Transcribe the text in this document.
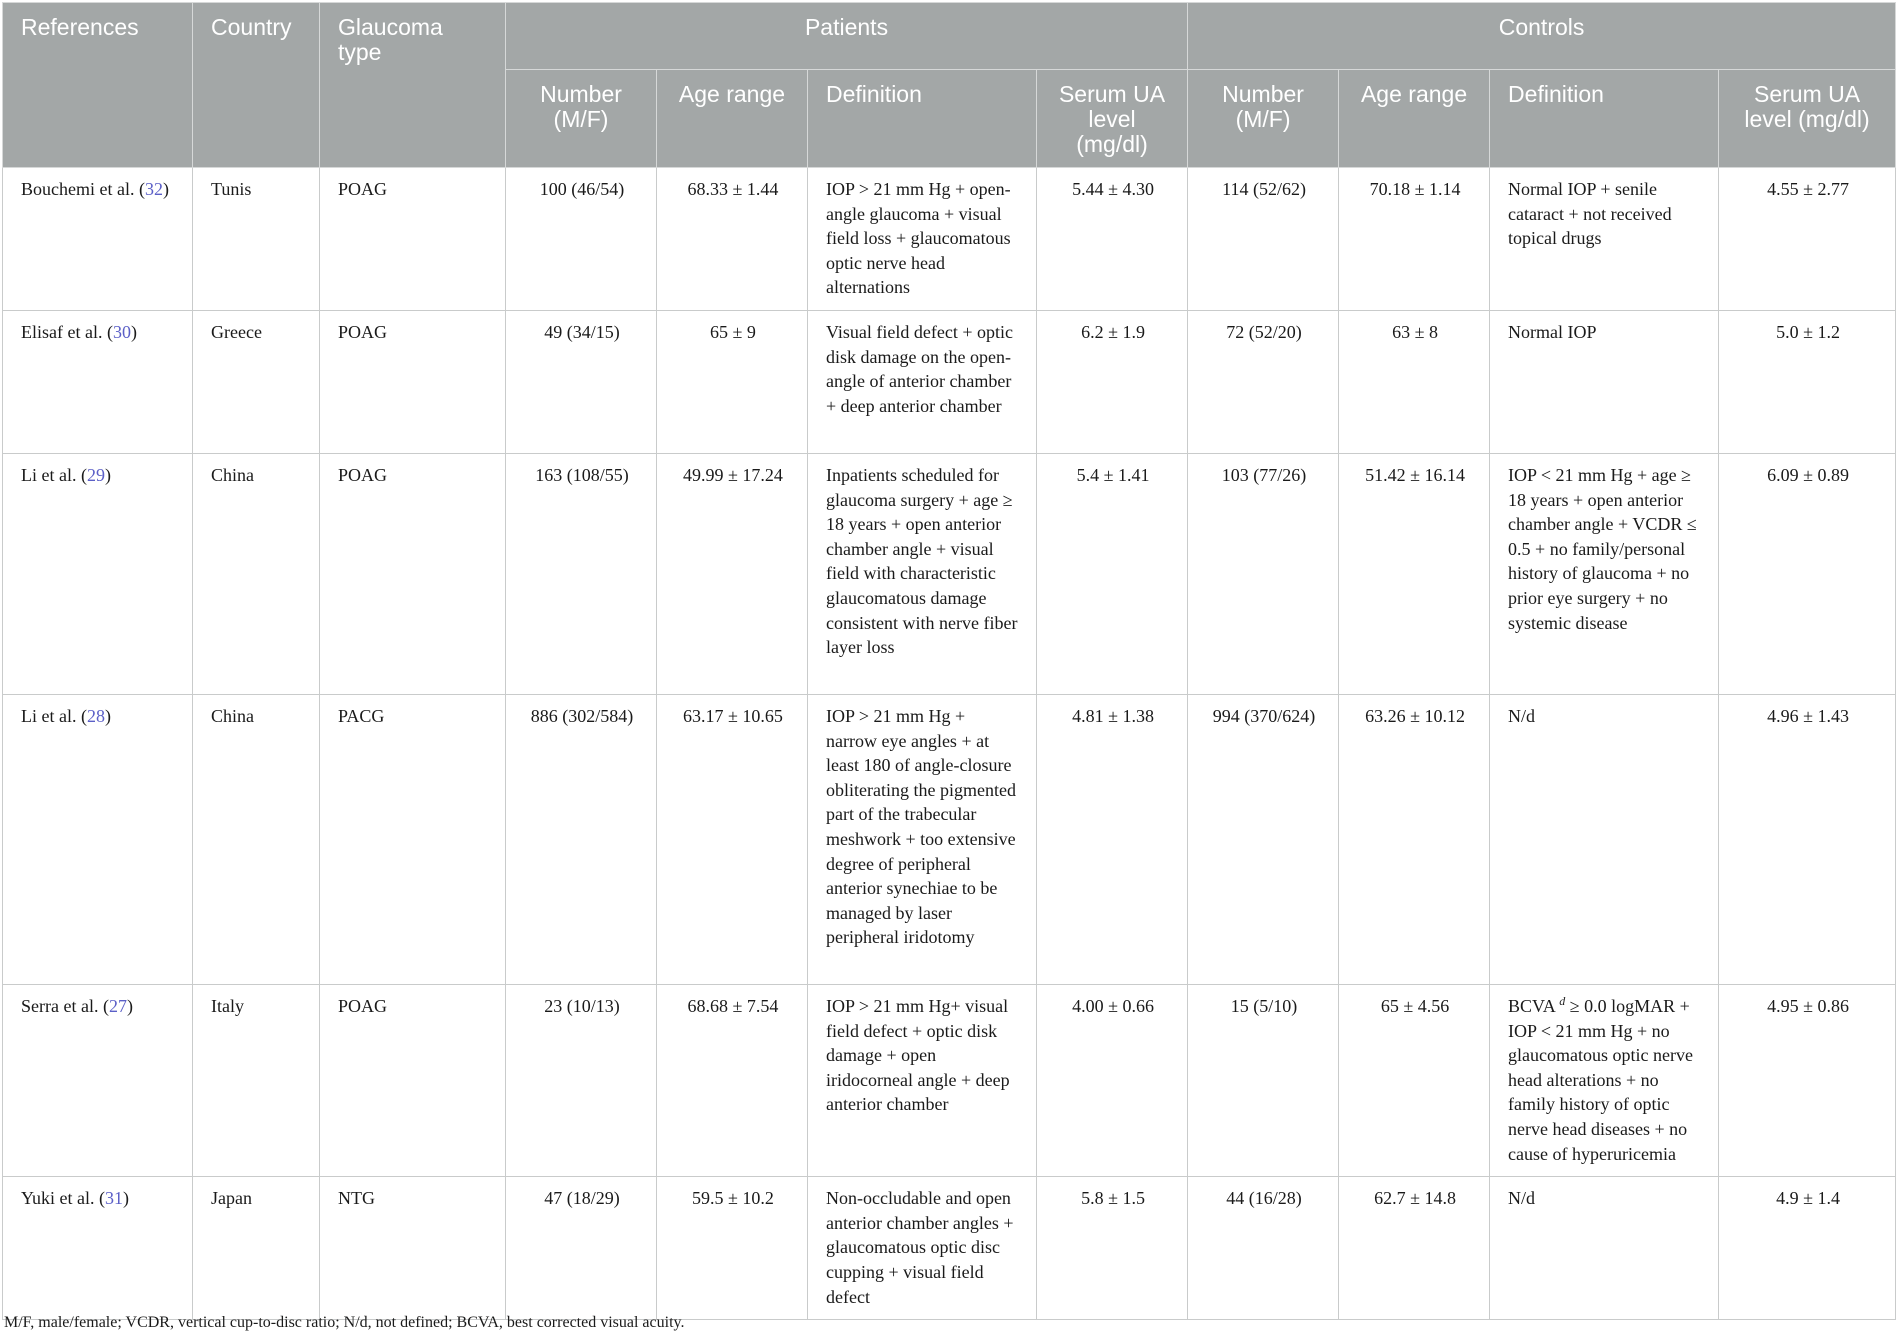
References	Country	Glaucoma type	Patients				Controls			
			Number (M/F)	Age range	Definition	Serum UA level (mg/dl)	Number (M/F)	Age range	Definition	Serum UA level (mg/dl)
Bouchemi et al. (32)	Tunis	POAG	100 (46/54)	68.33 ± 1.44	IOP > 21 mm Hg + open-angle glaucoma + visual field loss + glaucomatous optic nerve head alternations	5.44 ± 4.30	114 (52/62)	70.18 ± 1.14	Normal IOP + senile cataract + not received topical drugs	4.55 ± 2.77
Elisaf et al. (30)	Greece	POAG	49 (34/15)	65 ± 9	Visual field defect + optic disk damage on the open-angle of anterior chamber + deep anterior chamber	6.2 ± 1.9	72 (52/20)	63 ± 8	Normal IOP	5.0 ± 1.2
Li et al. (29)	China	POAG	163 (108/55)	49.99 ± 17.24	Inpatients scheduled for glaucoma surgery + age ≥ 18 years + open anterior chamber angle + visual field with characteristic glaucomatous damage consistent with nerve fiber layer loss	5.4 ± 1.41	103 (77/26)	51.42 ± 16.14	IOP < 21 mm Hg + age ≥ 18 years + open anterior chamber angle + VCDR ≤ 0.5 + no family/personal history of glaucoma + no prior eye surgery + no systemic disease	6.09 ± 0.89
Li et al. (28)	China	PACG	886 (302/584)	63.17 ± 10.65	IOP > 21 mm Hg + narrow eye angles + at least 180 of angle-closure obliterating the pigmented part of the trabecular meshwork + too extensive degree of peripheral anterior synechiae to be managed by laser peripheral iridotomy	4.81 ± 1.38	994 (370/624)	63.26 ± 10.12	N/d	4.96 ± 1.43
Serra et al. (27)	Italy	POAG	23 (10/13)	68.68 ± 7.54	IOP > 21 mm Hg+ visual field defect + optic disk damage + open iridocorneal angle + deep anterior chamber	4.00 ± 0.66	15 (5/10)	65 ± 4.56	BCVA $^d$ ≥ 0.0 logMAR + IOP < 21 mm Hg + no glaucomatous optic nerve head alterations + no family history of optic nerve head diseases + no cause of hyperuricemia	4.95 ± 0.86
Yuki et al. (31)	Japan	NTG	47 (18/29)	59.5 ± 10.2	Non-occludable and open anterior chamber angles + glaucomatous optic disc cupping + visual field defect	5.8 ± 1.5	44 (16/28)	62.7 ± 14.8	N/d	4.9 ± 1.4
M/F, male/female; VCDR, vertical cup-to-disc ratio; N/d, not defined; BCVA, best corrected visual acuity.
